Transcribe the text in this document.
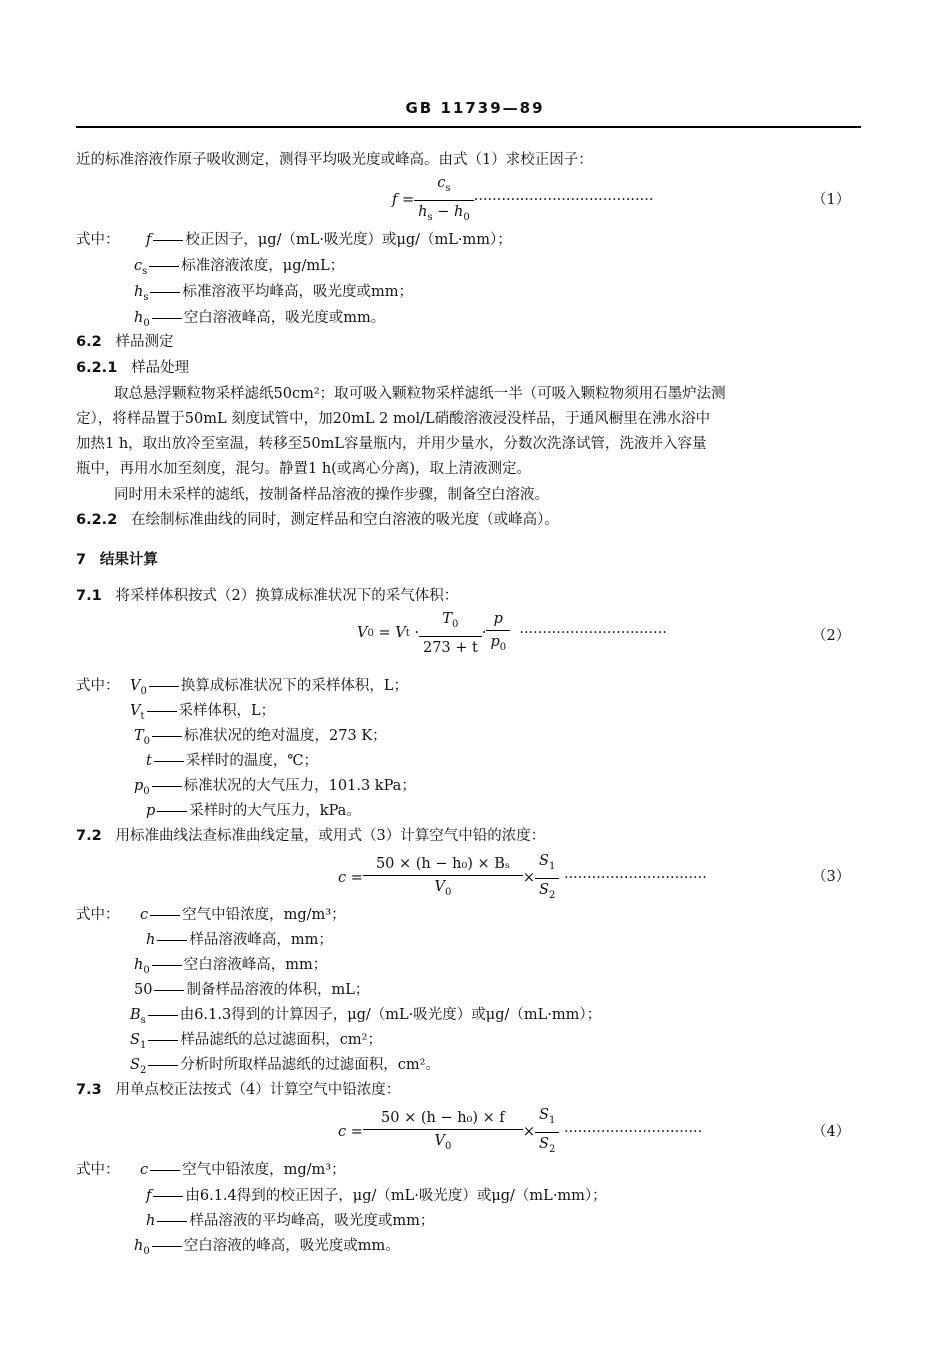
GB 11739—89
近的标准溶液作原子吸收测定，测得平均吸光度或峰高。由式（1）求校正因子：
$f = \frac{c_s}{h_s - h_0}$ ·······································	（1）
式中： f 校正因子，μg/（mL·吸光度）或μg/（mL·mm）；
$c_s$ 标准溶液浓度，μg/mL；
$h_s$ 标准溶液平均峰高，吸光度或mm；
$h_0$ 空白溶液峰高，吸光度或mm。
6.2 样品测定
6.2.1 样品处理
取总悬浮颗粒物采样滤纸50cm²；取可吸入颗粒物采样滤纸一半（可吸入颗粒物须用石墨炉法测
定），将样品置于50mL 刻度试管中，加20mL 2 mol/L硝酸溶液浸没样品，于通风橱里在沸水浴中
加热1 h，取出放冷至室温，转移至50mL容量瓶内，并用少量水，分数次洗涤试管，洗液并入容量
瓶中，再用水加至刻度，混匀。静置1 h(或离心分离)，取上清液测定。
同时用未采样的滤纸，按制备样品溶液的操作步骤，制备空白溶液。
6.2.2 在绘制标准曲线的同时，测定样品和空白溶液的吸光度（或峰高）。
7 结果计算
7.1 将采样体积按式（2）换算成标准状况下的采气体积：
V 0
=
V t
· $\frac{T_0}{273 + t} \cdot \frac{p}{p_0}$
································	（2）
式中： $V_0$ 换算成标准状况下的采样体积，L；
$V_t$ 采样体积，L；
$T_0$ 标准状况的绝对温度，273 K；
t 采样时的温度，℃；
$p_0$ 标准状况的大气压力，101.3 kPa；
p 采样时的大气压力，kPa。
7.2 用标准曲线法查标准曲线定量，或用式（3）计算空气中铅的浓度：
$c = \frac{\text{50 × (h − h₀) × Bₛ}}{V_0} \times \frac{S_1}{S_2}$
·······························	（3）
式中： c 空气中铅浓度，mg/m³；
h 样品溶液峰高，mm；
$h_0$ 空白溶液峰高，mm；
50 制备样品溶液的体积，mL；
$B_s$ 由6.1.3得到的计算因子，μg/（mL·吸光度）或μg/（mL·mm）；
$S_1$ 样品滤纸的总过滤面积，cm²；
$S_2$ 分析时所取样品滤纸的过滤面积，cm²。
7.3 用单点校正法按式（4）计算空气中铅浓度：
$c = \frac{\text{50 × (h − h₀) × f}}{V_0} \times \frac{S_1}{S_2}$
······························	（4）
式中： c 空气中铅浓度，mg/m³；
f 由6.1.4得到的校正因子，μg/（mL·吸光度）或μg/（mL·mm）；
h 样品溶液的平均峰高，吸光度或mm；
$h_0$ 空白溶液的峰高，吸光度或mm。
